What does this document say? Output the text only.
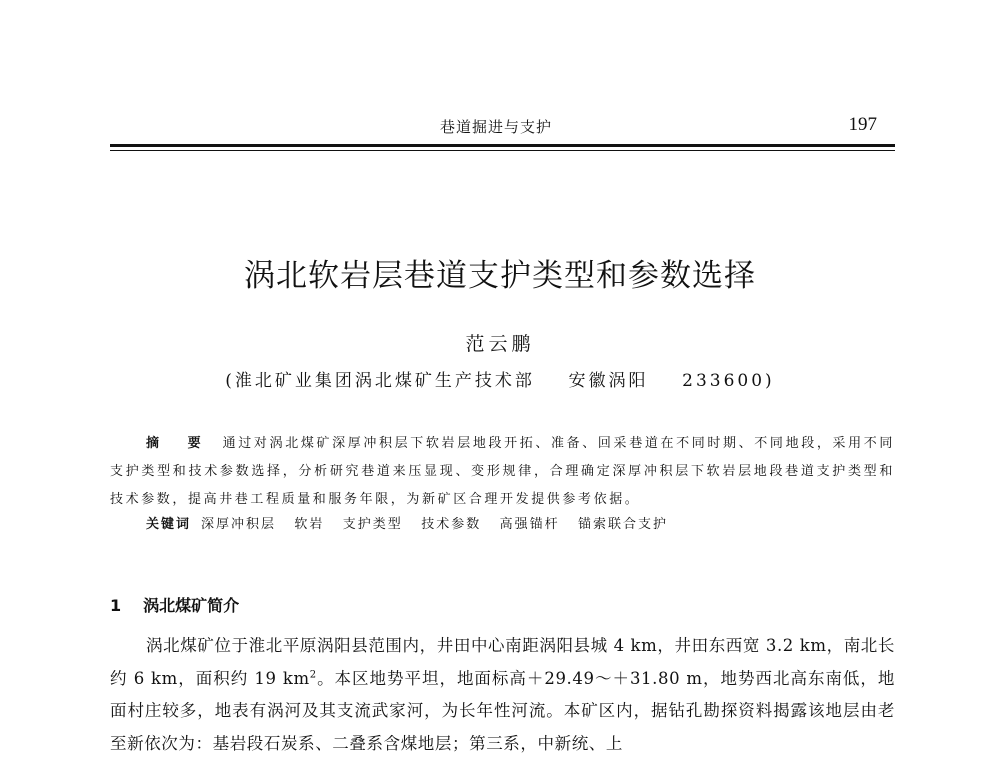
巷道掘进与支护	197
涡北软岩层巷道支护类型和参数选择
范云鹏
(淮北矿业集团涡北煤矿生产技术部    安徽涡阳    233600)
摘 要 通过对涡北煤矿深厚冲积层下软岩层地段开拓、准备、回采巷道在不同时期、不同地段，采用不同支护类型和技术参数选择，分析研究巷道来压显现、变形规律，合理确定深厚冲积层下软岩层地段巷道支护类型和技术参数，提高井巷工程质量和服务年限，为新矿区合理开发提供参考依据。
关键词 深厚冲积层   软岩   支护类型   技术参数   高强锚杆   锚索联合支护
1 涡北煤矿简介
涡北煤矿位于淮北平原涡阳县范围内，井田中心南距涡阳县城 4 km，井田东西宽 3.2 km，南北长约 6 km，面积约 19 $km^2$。本区地势平坦，地面标高＋29.49～＋31.80 m，地势西北高东南低，地面村庄较多，地表有涡河及其支流武家河，为长年性河流。本矿区内，据钻孔勘探资料揭露该地层由老至新依次为：基岩段石炭系、二叠系含煤地层；第三系，中新统、上
